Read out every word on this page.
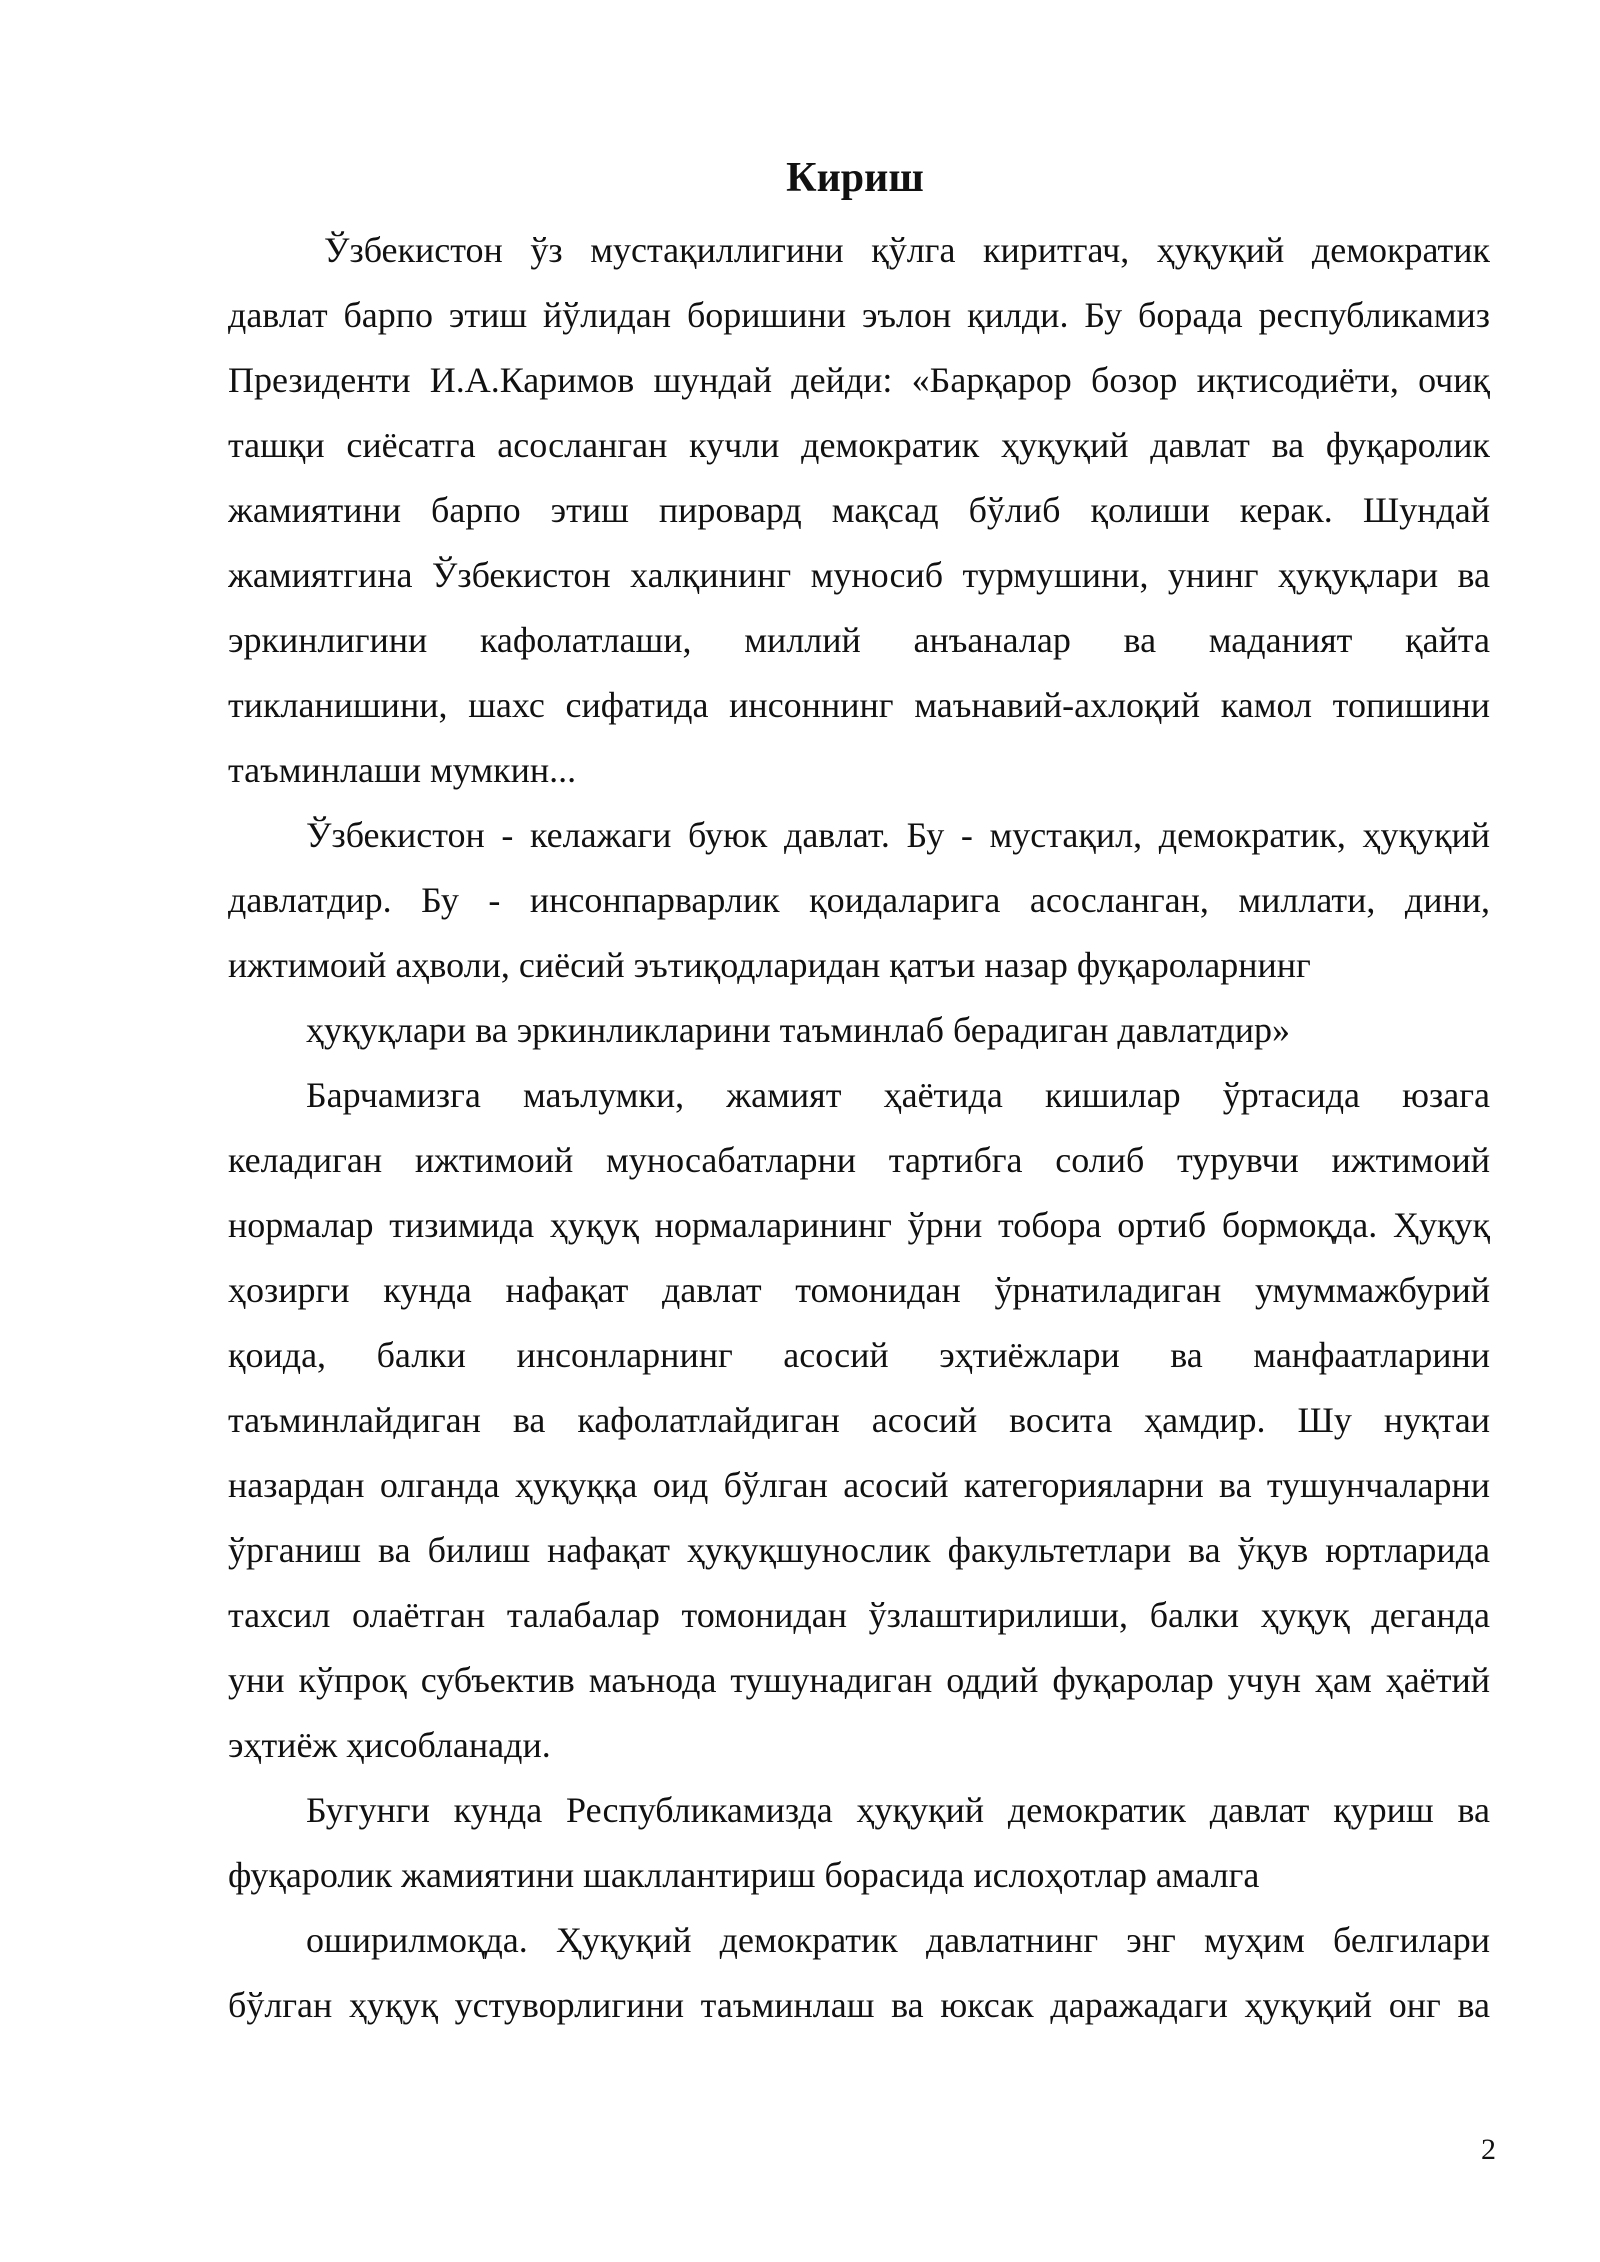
Кириш
Ўзбекистон ўз мустақиллигини қўлга киритгач, ҳуқуқий демократик
давлат барпо этиш йўлидан боришини эълон қилди. Бу борада республикамиз
Президенти И.А.Каримов шундай дейди: «Барқарор бозор иқтисодиёти, очиқ
ташқи сиёсатга асосланган кучли демократик ҳуқуқий давлат ва фуқаролик
жамиятини барпо этиш пировард мақсад бўлиб қолиши керак. Шундай
жамиятгина Ўзбекистон халқининг муносиб турмушини, унинг ҳуқуқлари ва
эркинлигини кафолатлаши, миллий анъаналар ва маданият қайта
тикланишини, шахс сифатида инсоннинг маънавий-ахлоқий камол топишини
таъминлаши мумкин...
Ўзбекистон - келажаги буюк давлат. Бу - мустақил, демократик, ҳуқуқий
давлатдир. Бу - инсонпарварлик қоидаларига асосланган, миллати, дини,
ижтимоий аҳволи, сиёсий эътиқодларидан қатъи назар фуқароларнинг
ҳуқуқлари ва эркинликларини таъминлаб берадиган давлатдир»
Барчамизга маълумки, жамият ҳаётида кишилар ўртасида юзага
келадиган ижтимоий муносабатларни тартибга солиб турувчи ижтимоий
нормалар тизимида ҳуқуқ нормаларининг ўрни тобора ортиб бормоқда. Ҳуқуқ
ҳозирги кунда нафақат давлат томонидан ўрнатиладиган умуммажбурий
қоида, балки инсонларнинг асосий эҳтиёжлари ва манфаатларини
таъминлайдиган ва кафолатлайдиган асосий восита ҳамдир. Шу нуқтаи
назардан олганда ҳуқуққа оид бўлган асосий категорияларни ва тушунчаларни
ўрганиш ва билиш нафақат ҳуқуқшунослик факультетлари ва ўқув юртларида
тахсил олаётган талабалар томонидан ўзлаштирилиши, балки ҳуқуқ деганда
уни кўпроқ субъектив маънода тушунадиган оддий фуқаролар учун ҳам ҳаётий
эҳтиёж ҳисобланади.
Бугунги кунда Республикамизда ҳуқуқий демократик давлат қуриш ва
фуқаролик жамиятини шакллантириш борасида ислоҳотлар амалга
оширилмоқда. Ҳуқуқий демократик давлатнинг энг муҳим белгилари
бўлган ҳуқуқ устуворлигини таъминлаш ва юксак даражадаги ҳуқуқий онг ва
2
